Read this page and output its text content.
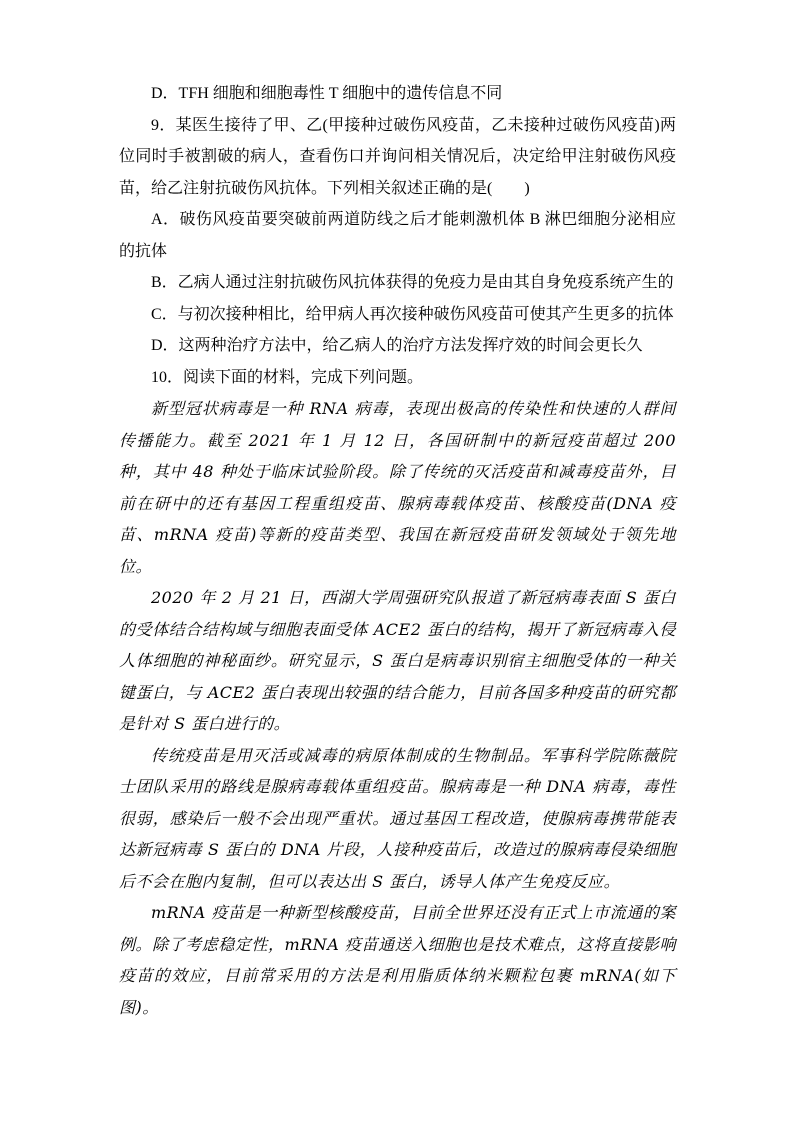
D．TFH 细胞和细胞毒性 T 细胞中的遗传信息不同

9．某医生接待了甲、乙(甲接种过破伤风疫苗，乙未接种过破伤风疫苗)两位同时手被割破的病人，查看伤口并询问相关情况后，决定给甲注射破伤风疫苗，给乙注射抗破伤风抗体。下列相关叙述正确的是(　　)

A．破伤风疫苗要突破前两道防线之后才能刺激机体 B 淋巴细胞分泌相应的抗体

B．乙病人通过注射抗破伤风抗体获得的免疫力是由其自身免疫系统产生的

C．与初次接种相比，给甲病人再次接种破伤风疫苗可使其产生更多的抗体

D．这两种治疗方法中，给乙病人的治疗方法发挥疗效的时间会更长久

10．阅读下面的材料，完成下列问题。

新型冠状病毒是一种 RNA 病毒，表现出极高的传染性和快速的人群间传播能力。截至 2021 年 1 月 12 日，各国研制中的新冠疫苗超过 200 种，其中 48 种处于临床试验阶段。除了传统的灭活疫苗和减毒疫苗外，目前在研中的还有基因工程重组疫苗、腺病毒载体疫苗、核酸疫苗(DNA 疫苗、mRNA 疫苗)等新的疫苗类型、我国在新冠疫苗研发领域处于领先地位。

2020 年 2 月 21 日，西湖大学周强研究队报道了新冠病毒表面 S 蛋白的受体结合结构域与细胞表面受体 ACE2 蛋白的结构，揭开了新冠病毒入侵人体细胞的神秘面纱。研究显示，S 蛋白是病毒识别宿主细胞受体的一种关键蛋白，与 ACE2 蛋白表现出较强的结合能力，目前各国多种疫苗的研究都是针对 S 蛋白进行的。

传统疫苗是用灭活或减毒的病原体制成的生物制品。军事科学院陈薇院士团队采用的路线是腺病毒载体重组疫苗。腺病毒是一种 DNA 病毒，毒性很弱，感染后一般不会出现严重状。通过基因工程改造，使腺病毒携带能表达新冠病毒 S 蛋白的 DNA 片段，人接种疫苗后，改造过的腺病毒侵染细胞后不会在胞内复制，但可以表达出 S 蛋白，诱导人体产生免疫反应。

mRNA 疫苗是一种新型核酸疫苗，目前全世界还没有正式上市流通的案例。除了考虑稳定性，mRNA 疫苗通送入细胞也是技术难点，这将直接影响疫苗的效应，目前常采用的方法是利用脂质体纳米颗粒包裹 mRNA(如下图)。
